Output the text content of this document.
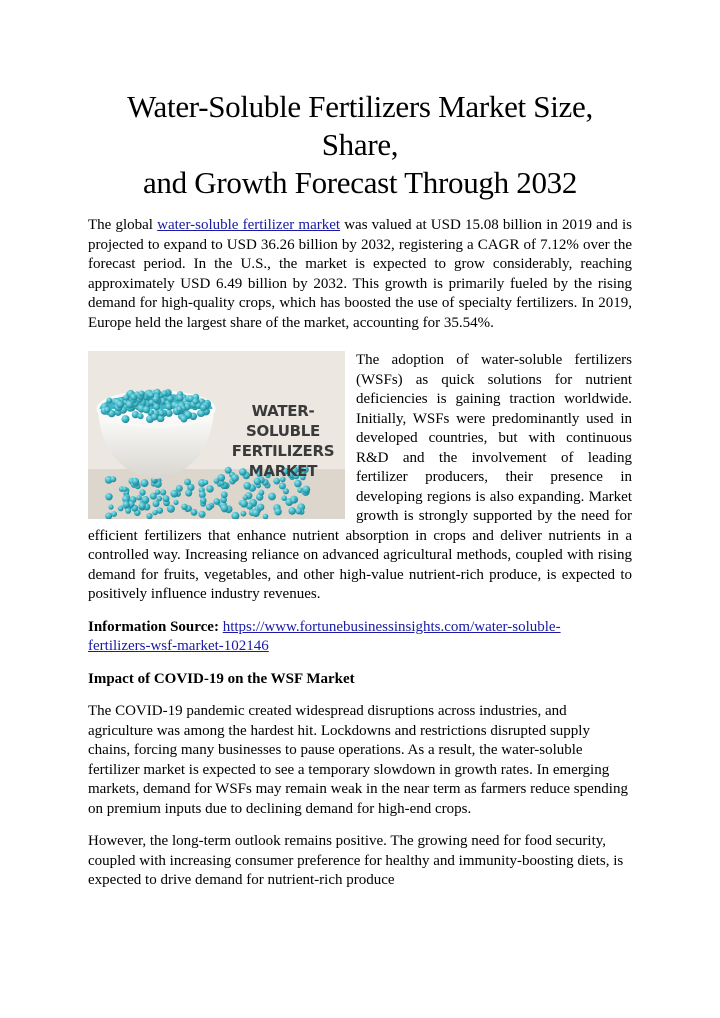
Water-Soluble Fertilizers Market Size, Share,
and Growth Forecast Through 2032

The global water-soluble fertilizer market was valued at USD 15.08 billion in 2019 and is projected to expand to USD 36.26 billion by 2032, registering a CAGR of 7.12% over the forecast period. In the U.S., the market is expected to grow considerably, reaching approximately USD 6.49 billion by 2032. This growth is primarily fueled by the rising demand for high-quality crops, which has boosted the use of specialty fertilizers. In 2019, Europe held the largest share of the market, accounting for 35.54%.

WATER-SOLUBLE
FERTILIZERS
MARKET

The adoption of water-soluble fertilizers (WSFs) as quick solutions for nutrient deficiencies is gaining traction worldwide. Initially, WSFs were predominantly used in developed countries, but with continuous R&D and the involvement of leading fertilizer producers, their presence in developing regions is also expanding. Market growth is strongly supported by the need for efficient fertilizers that enhance nutrient absorption in crops and deliver nutrients in a controlled way. Increasing reliance on advanced agricultural methods, coupled with rising demand for fruits, vegetables, and other high-value nutrient-rich produce, is expected to positively influence industry revenues.

Information Source: https://www.fortunebusinessinsights.com/water-soluble-
fertilizers-wsf-market-102146

Impact of COVID-19 on the WSF Market

The COVID-19 pandemic created widespread disruptions across industries, and agriculture was among the hardest hit. Lockdowns and restrictions disrupted supply chains, forcing many businesses to pause operations. As a result, the water-soluble fertilizer market is expected to see a temporary slowdown in growth rates. In emerging markets, demand for WSFs may remain weak in the near term as farmers reduce spending on premium inputs due to declining demand for high-end crops.

However, the long-term outlook remains positive. The growing need for food security, coupled with increasing consumer preference for healthy and immunity-boosting diets, is expected to drive demand for nutrient-rich produce
